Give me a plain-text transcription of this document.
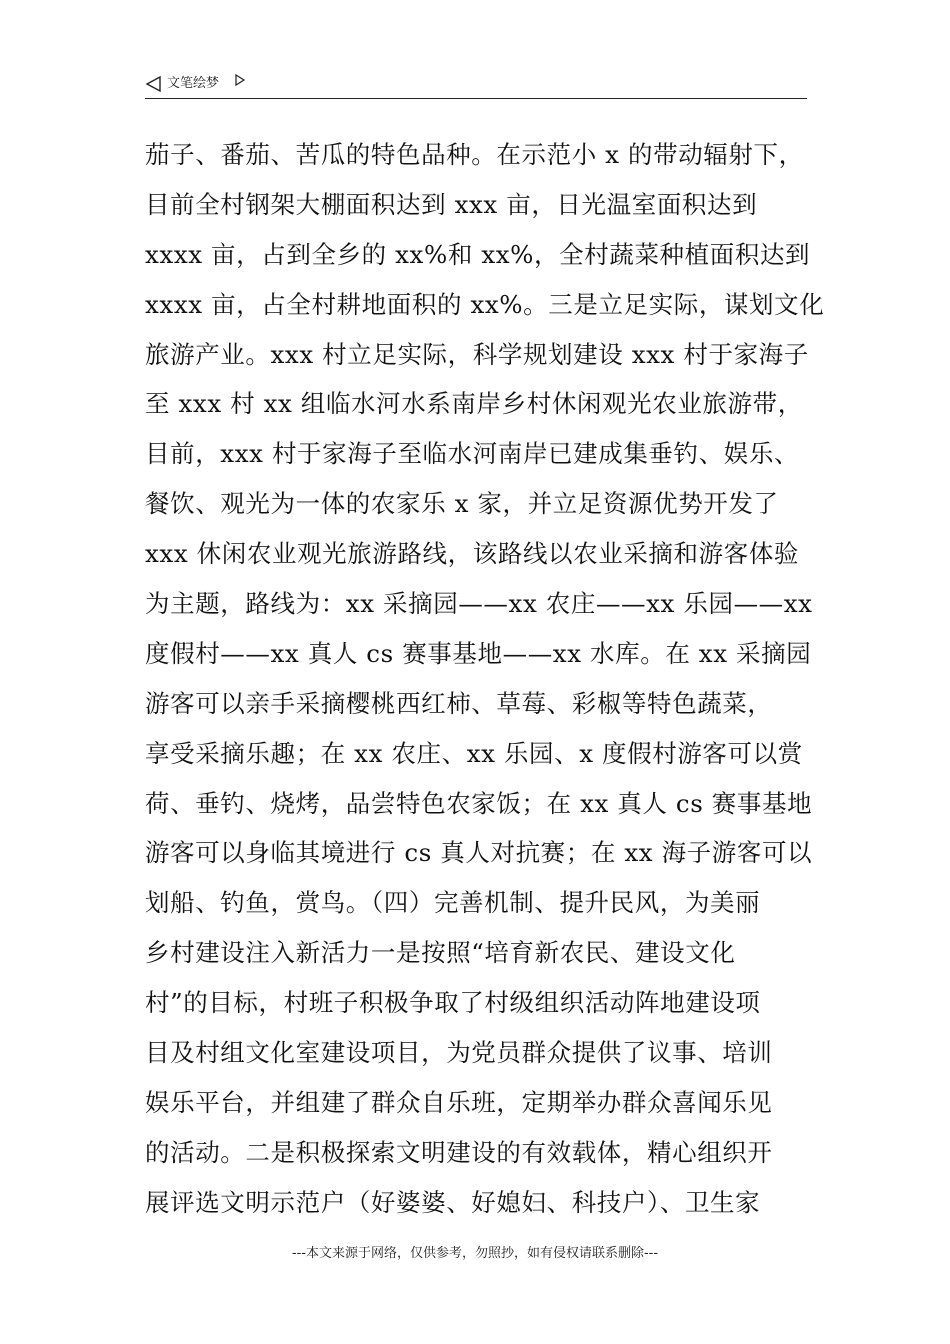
文笔绘梦
茄子、番茄、苦瓜的特色品种。在示范小 x 的带动辐射下，
目前全村钢架大棚面积达到 xxx 亩，日光温室面积达到
xxxx 亩，占到全乡的 xx%和 xx%，全村蔬菜种植面积达到
xxxx 亩，占全村耕地面积的 xx%。三是立足实际，谋划文化
旅游产业。xxx 村立足实际，科学规划建设 xxx 村于家海子
至 xxx 村 xx 组临水河水系南岸乡村休闲观光农业旅游带，
目前，xxx 村于家海子至临水河南岸已建成集垂钓、娱乐、
餐饮、观光为一体的农家乐 x 家，并立足资源优势开发了
xxx 休闲农业观光旅游路线，该路线以农业采摘和游客体验
为主题，路线为：xx 采摘园——xx 农庄——xx 乐园——xx
度假村——xx 真人 cs 赛事基地——xx 水库。在 xx 采摘园
游客可以亲手采摘樱桃西红柿、草莓、彩椒等特色蔬菜，
享受采摘乐趣；在 xx 农庄、xx 乐园、x 度假村游客可以赏
荷、垂钓、烧烤，品尝特色农家饭；在 xx 真人 cs 赛事基地
游客可以身临其境进行 cs 真人对抗赛；在 xx 海子游客可以
划船、钓鱼，赏鸟。（四）完善机制、提升民风，为美丽
乡村建设注入新活力一是按照“培育新农民、建设文化
村”的目标，村班子积极争取了村级组织活动阵地建设项
目及村组文化室建设项目，为党员群众提供了议事、培训
娱乐平台，并组建了群众自乐班，定期举办群众喜闻乐见
的活动。二是积极探索文明建设的有效载体，精心组织开
展评选文明示范户（好婆婆、好媳妇、科技户）、卫生家
---本文来源于网络，仅供参考，勿照抄，如有侵权请联系删除---
